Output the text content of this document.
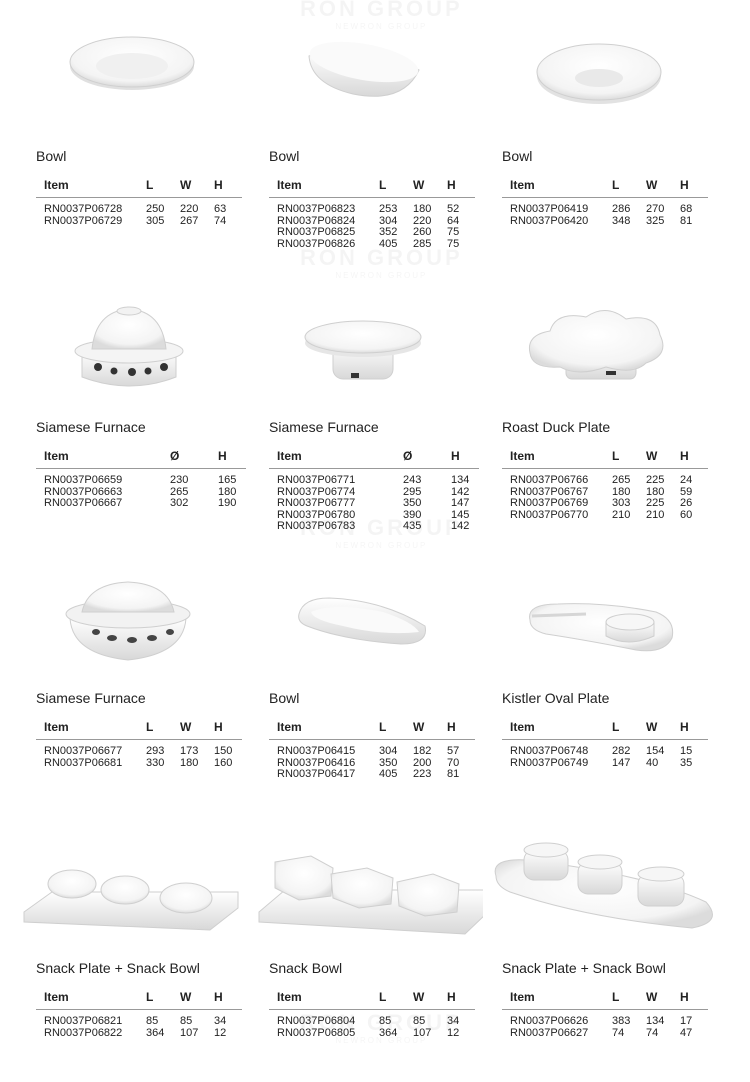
Bowl
Item	L	W	H
RN0037P06728	250	220	63
RN0037P06729	305	267	74
Bowl
Item	L	W	H
RN0037P06823	253	180	52
RN0037P06824	304	220	64
RN0037P06825	352	260	75
RN0037P06826	405	285	75
Bowl
Item	L	W	H
RN0037P06419	286	270	68
RN0037P06420	348	325	81
Siamese Furnace
Item	Ø	H
RN0037P06659	230	165
RN0037P06663	265	180
RN0037P06667	302	190
Siamese Furnace
Item	Ø	H
RN0037P06771	243	134
RN0037P06774	295	142
RN0037P06777	350	147
RN0037P06780	390	145
RN0037P06783	435	142
Roast Duck Plate
Item	L	W	H
RN0037P06766	265	225	24
RN0037P06767	180	180	59
RN0037P06769	303	225	26
RN0037P06770	210	210	60
Siamese Furnace
Item	L	W	H
RN0037P06677	293	173	150
RN0037P06681	330	180	160
Bowl
Item	L	W	H
RN0037P06415	304	182	57
RN0037P06416	350	200	70
RN0037P06417	405	223	81
Kistler Oval Plate
Item	L	W	H
RN0037P06748	282	154	15
RN0037P06749	147	40	35
Snack Plate + Snack Bowl
Item	L	W	H
RN0037P06821	85	85	34
RN0037P06822	364	107	12
Snack Bowl
Item	L	W	H
RN0037P06804	85	85	34
RN0037P06805	364	107	12
Snack Plate + Snack Bowl
Item	L	W	H
RN0037P06626	383	134	17
RN0037P06627	74	74	47
